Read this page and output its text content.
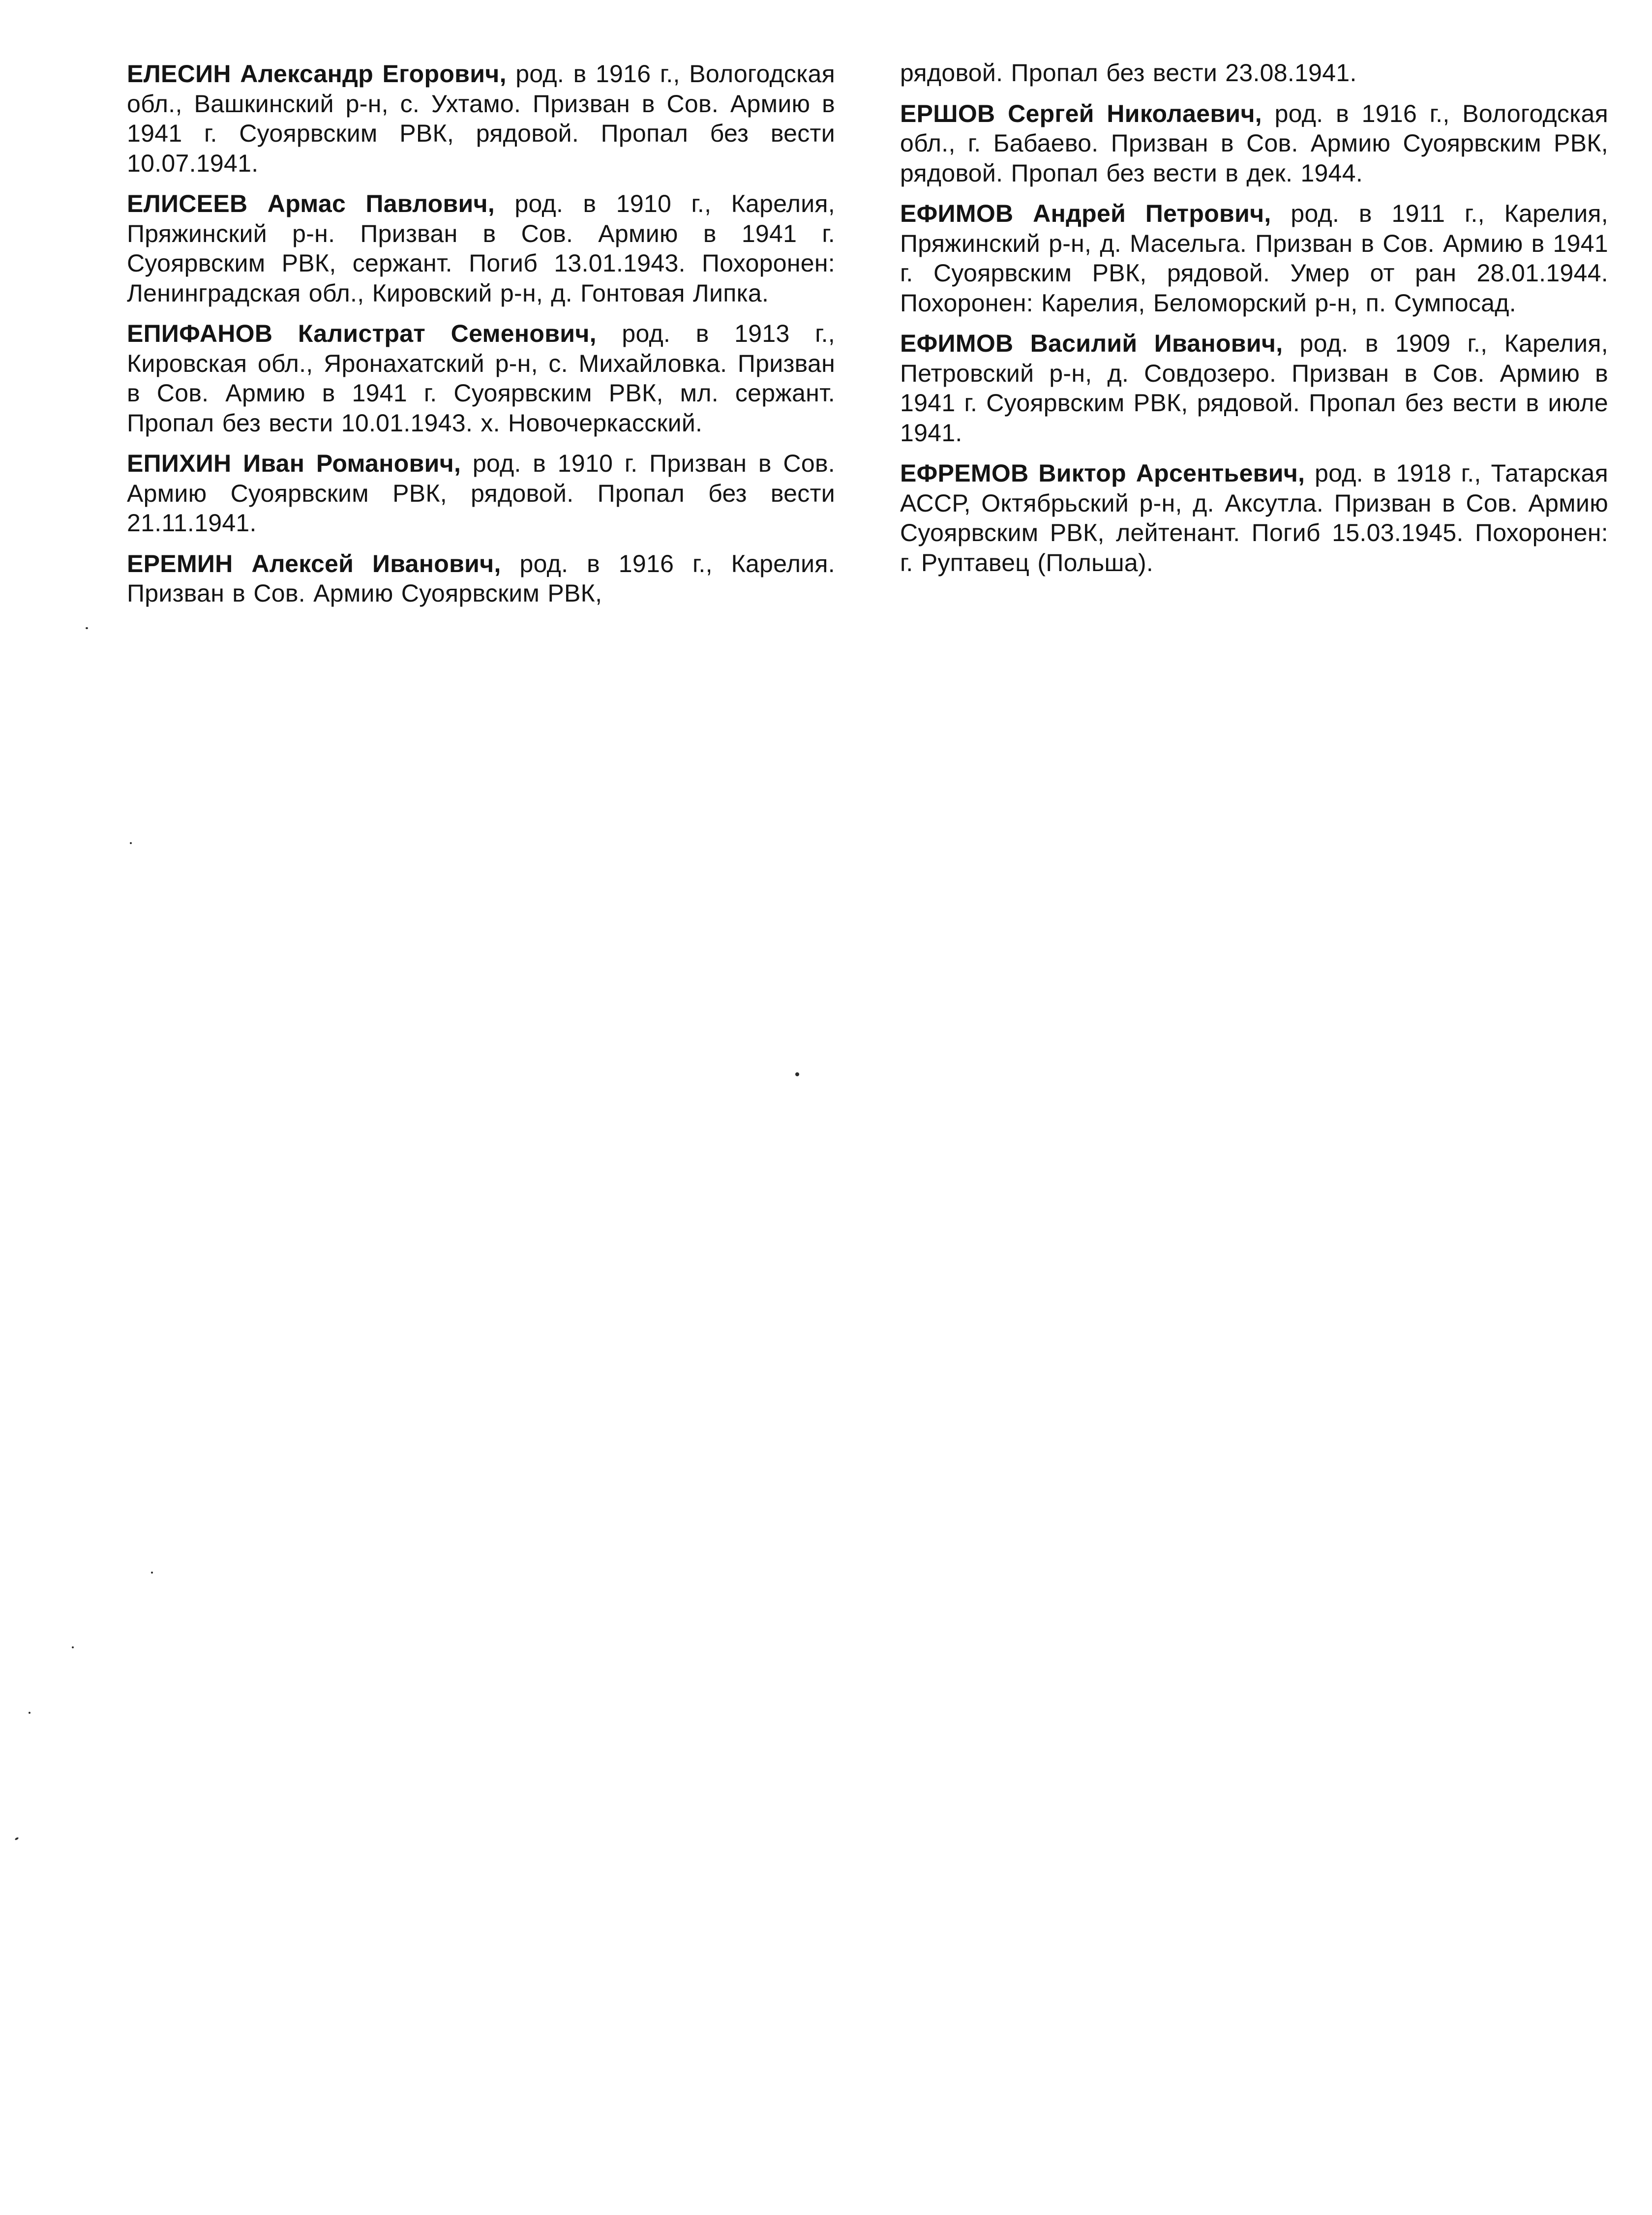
ЕЛЕСИН Александр Егорович, род. в 1916 г., Вологодская обл., Вашкинский р-н, с. Ухтамо. Призван в Сов. Армию в 1941 г. Суоярвским РВК, рядовой. Пропал без вести 10.07.1941.

ЕЛИСЕЕВ Армас Павлович, род. в 1910 г., Карелия, Пряжинский р-н. Призван в Сов. Армию в 1941 г. Суоярвским РВК, сержант. Погиб 13.01.1943. Похоронен: Ленинградская обл., Кировский р-н, д. Гонтовая Липка.

ЕПИФАНОВ Калистрат Семенович, род. в 1913 г., Кировская обл., Яронахатский р-н, с. Михайловка. Призван в Сов. Армию в 1941 г. Суоярвским РВК, мл. сержант. Пропал без вести 10.01.1943. х. Новочеркасский.

ЕПИХИН Иван Романович, род. в 1910 г. Призван в Сов. Армию Суоярвским РВК, рядовой. Пропал без вести 21.11.1941.

ЕРЕМИН Алексей Иванович, род. в 1916 г., Карелия. Призван в Сов. Армию Суоярвским РВК,

рядовой. Пропал без вести 23.08.1941.

ЕРШОВ Сергей Николаевич, род. в 1916 г., Вологодская обл., г. Бабаево. Призван в Сов. Армию Суоярвским РВК, рядовой. Пропал без вести в дек. 1944.

ЕФИМОВ Андрей Петрович, род. в 1911 г., Карелия, Пряжинский р-н, д. Масельга. Призван в Сов. Армию в 1941 г. Суоярвским РВК, рядовой. Умер от ран 28.01.1944. Похоронен: Карелия, Беломорский р-н, п. Сумпосад.

ЕФИМОВ Василий Иванович, род. в 1909 г., Карелия, Петровский р-н, д. Совдозеро. Призван в Сов. Армию в 1941 г. Суоярвским РВК, рядовой. Пропал без вести в июле 1941.

ЕФРЕМОВ Виктор Арсентьевич, род. в 1918 г., Татарская АССР, Октябрьский р-н, д. Аксутла. Призван в Сов. Армию Суоярвским РВК, лейтенант. Погиб 15.03.1945. Похоронен: г. Руптавец (Польша).
